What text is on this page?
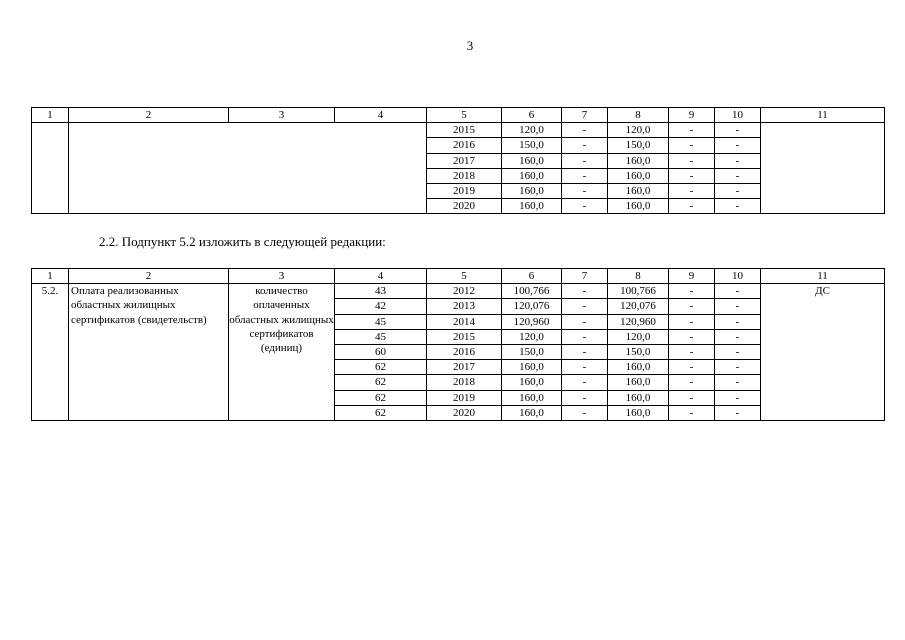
3
1	2	3	4	5	6	7	8	9	10	11
				2015	120,0	-	120,0	-	-	
				2016	150,0	-	150,0	-	-	
				2017	160,0	-	160,0	-	-	
				2018	160,0	-	160,0	-	-	
				2019	160,0	-	160,0	-	-	
				2020	160,0	-	160,0	-	-	
2.2. Подпункт 5.2 изложить в следующей редакции:
1	2	3	4	5	6	7	8	9	10	11
5.2.	Оплата реализованных областных жилищных сертификатов (свидетельств)	количество оплаченных областных жилищных сертификатов (единиц)	43	2012	100,766	-	100,766	-	-	ДС
			42	2013	120,076	-	120,076	-	-	
			45	2014	120,960	-	120,960	-	-	
			45	2015	120,0	-	120,0	-	-	
			60	2016	150,0	-	150,0	-	-	
			62	2017	160,0	-	160,0	-	-	
			62	2018	160,0	-	160,0	-	-	
			62	2019	160,0	-	160,0	-	-	
			62	2020	160,0	-	160,0	-	-	
